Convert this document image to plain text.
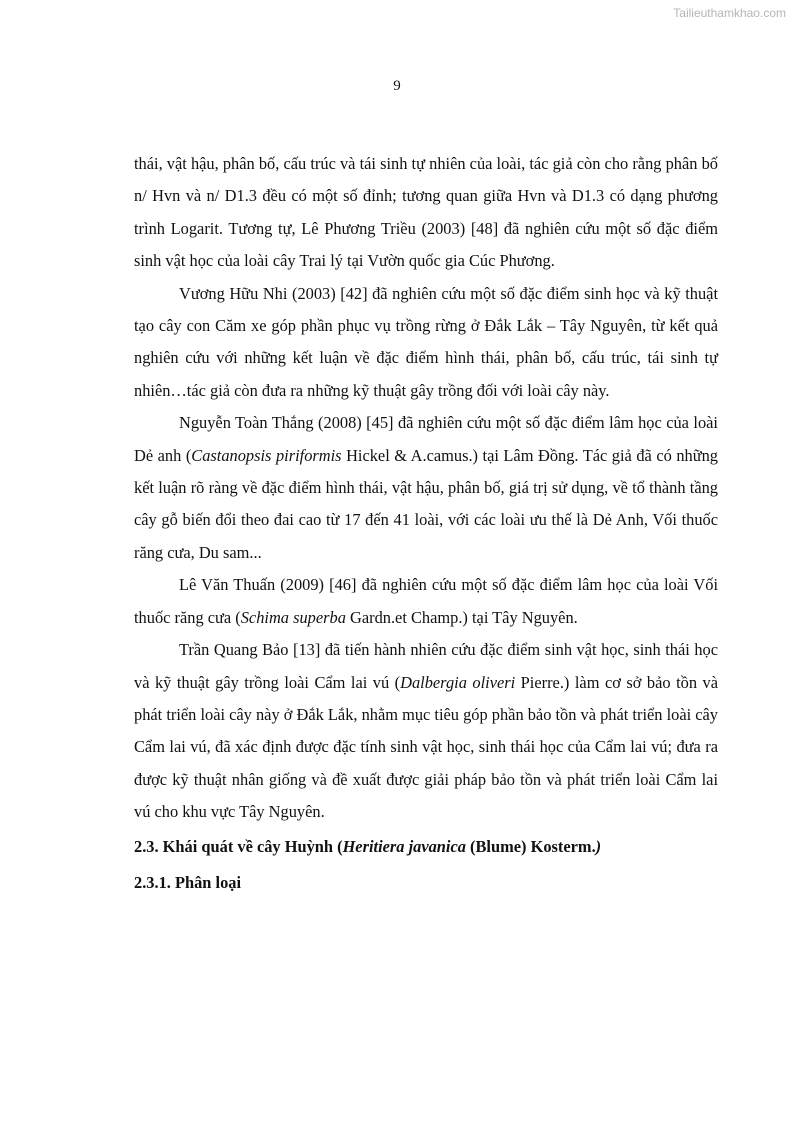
Tailieuthamkhao.com
9

thái, vật hậu, phân bố, cấu trúc và tái sinh tự nhiên của loài, tác giả còn cho rằng phân bố n/ Hvn và n/ D1.3 đều có một số đỉnh; tương quan giữa Hvn và D1.3 có dạng phương trình Logarit. Tương tự, Lê Phương Triều (2003) [48] đã nghiên cứu một số đặc điểm sinh vật học của loài cây Trai lý tại Vườn quốc gia Cúc Phương.

Vương Hữu Nhi (2003) [42] đã nghiên cứu một số đặc điểm sinh học và kỹ thuật tạo cây con Căm xe góp phần phục vụ trồng rừng ở Đắk Lắk – Tây Nguyên, từ kết quả nghiên cứu với những kết luận về đặc điểm hình thái, phân bố, cấu trúc, tái sinh tự nhiên…tác giả còn đưa ra những kỹ thuật gây trồng đối với loài cây này.

Nguyễn Toàn Thắng (2008) [45] đã nghiên cứu một số đặc điểm lâm học của loài Dẻ anh (Castanopsis piriformis Hickel & A.camus.) tại Lâm Đồng. Tác giả đã có những kết luận rõ ràng về đặc điểm hình thái, vật hậu, phân bố, giá trị sử dụng, về tổ thành tầng cây gỗ biến đổi theo đai cao từ 17 đến 41 loài, với các loài ưu thế là Dẻ Anh, Vối thuốc răng cưa, Du sam...

Lê Văn Thuấn (2009) [46] đã nghiên cứu một số đặc điểm lâm học của loài Vối thuốc răng cưa (Schima superba Gardn.et Champ.) tại Tây Nguyên.

Trần Quang Bảo [13] đã tiến hành nhiên cứu đặc điểm sinh vật học, sinh thái học và kỹ thuật gây trồng loài Cẩm lai vú (Dalbergia oliveri Pierre.) làm cơ sở bảo tồn và phát triển loài cây này ở Đắk Lắk, nhằm mục tiêu góp phần bảo tồn và phát triển loài cây Cẩm lai vú, đã xác định được đặc tính sinh vật học, sinh thái học của Cẩm lai vú; đưa ra được kỹ thuật nhân giống và đề xuất được giải pháp bảo tồn và phát triển loài Cẩm lai vú cho khu vực Tây Nguyên.

2.3. Khái quát về cây Huỳnh (Heritiera javanica (Blume) Kosterm.)

2.3.1. Phân loại
